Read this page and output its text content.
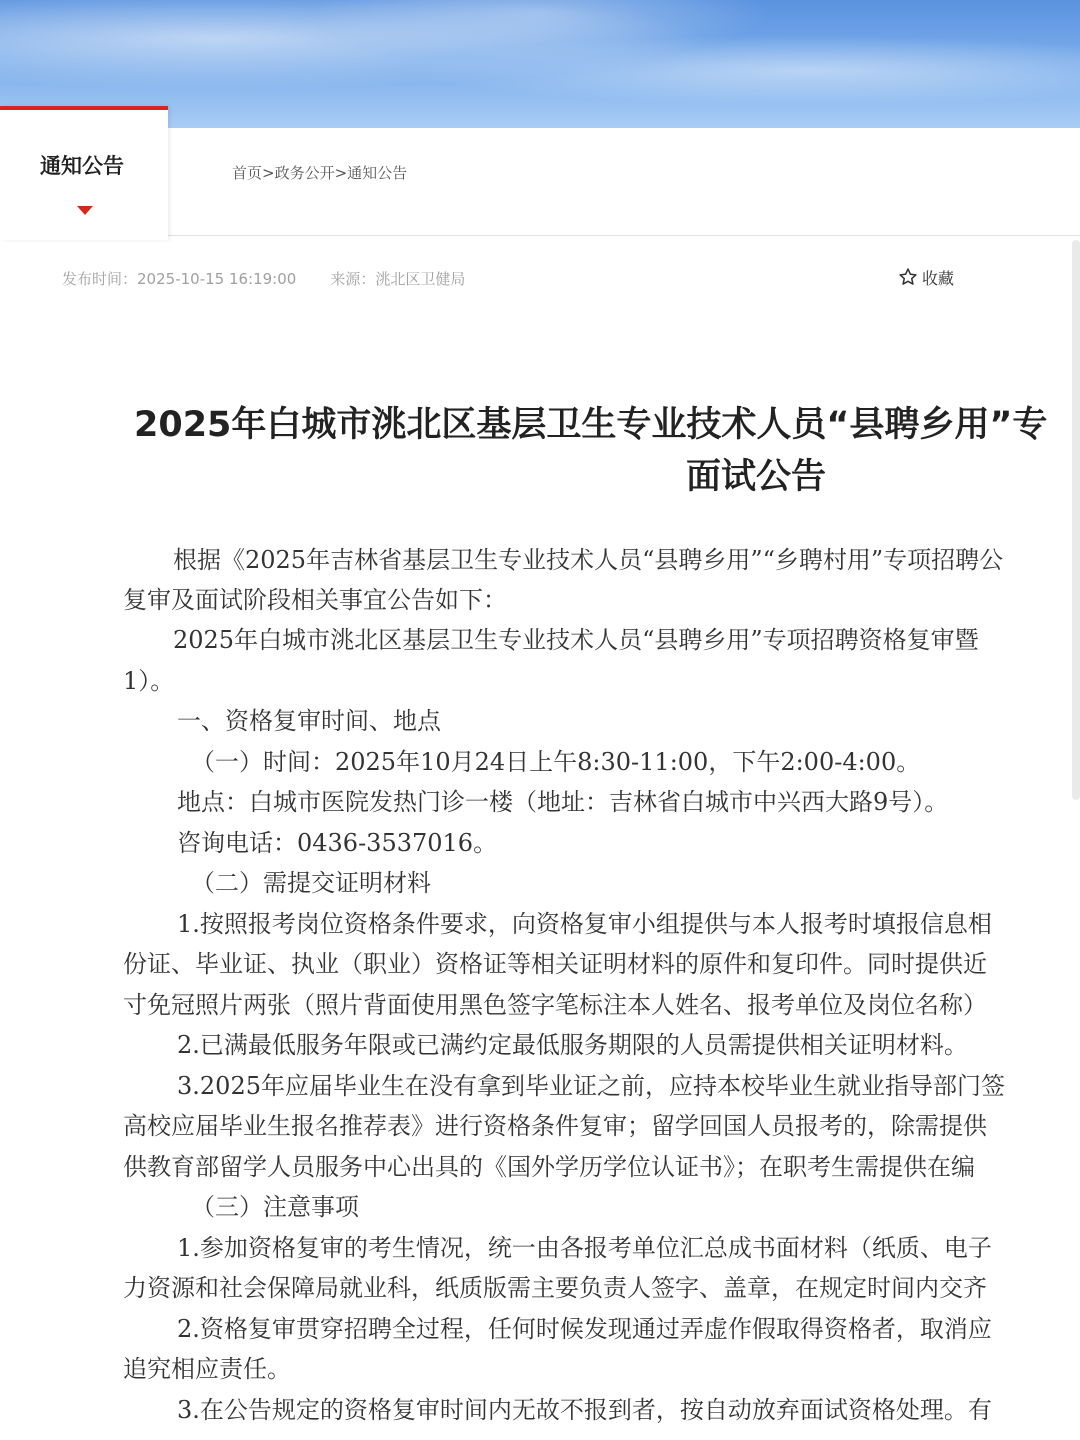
通知公告	首页>政务公开>通知公告
发布时间：2025-10-15 16:19:00 来源：洮北区卫健局	收藏
2025年白城市洮北区基层卫生专业技术人员“县聘乡用”专
面试公告
根据《2025年吉林省基层卫生专业技术人员“县聘乡用”“乡聘村用”专项招聘公
复审及面试阶段相关事宜公告如下：
2025年白城市洮北区基层卫生专业技术人员“县聘乡用”专项招聘资格复审暨
1）。
一、资格复审时间、地点
（一）时间：2025年10月24日上午8:30-11:00，下午2:00-4:00。
地点：白城市医院发热门诊一楼（地址：吉林省白城市中兴西大路9号）。
咨询电话：0436-3537016。
（二）需提交证明材料
1.按照报考岗位资格条件要求，向资格复审小组提供与本人报考时填报信息相
份证、毕业证、执业（职业）资格证等相关证明材料的原件和复印件。同时提供近
寸免冠照片两张（照片背面使用黑色签字笔标注本人姓名、报考单位及岗位名称）
2.已满最低服务年限或已满约定最低服务期限的人员需提供相关证明材料。
3.2025年应届毕业生在没有拿到毕业证之前，应持本校毕业生就业指导部门签
高校应届毕业生报名推荐表》进行资格条件复审；留学回国人员报考的，除需提供
供教育部留学人员服务中心出具的《国外学历学位认证书》；在职考生需提供在编
（三）注意事项
1.参加资格复审的考生情况，统一由各报考单位汇总成书面材料（纸质、电子
力资源和社会保障局就业科，纸质版需主要负责人签字、盖章，在规定时间内交齐
2.资格复审贯穿招聘全过程，任何时候发现通过弄虚作假取得资格者，取消应
追究相应责任。
3.在公告规定的资格复审时间内无故不报到者，按自动放弃面试资格处理。有
